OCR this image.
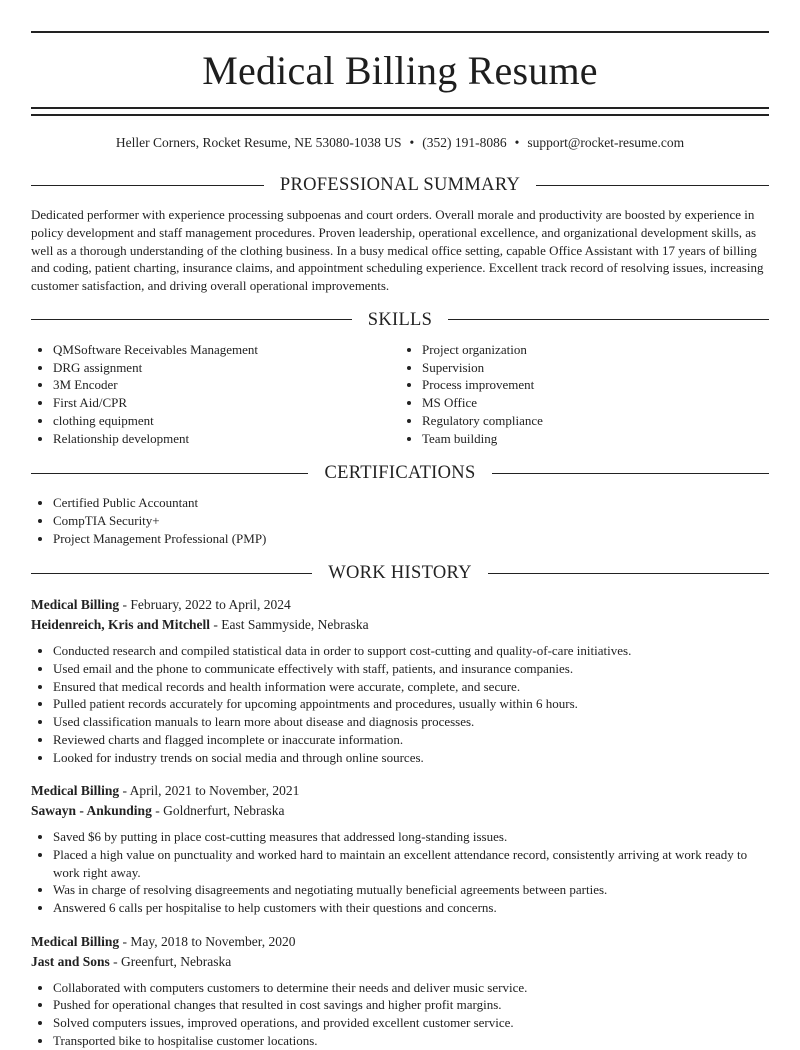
Medical Billing Resume
Heller Corners, Rocket Resume, NE 53080-1038 US • (352) 191-8086 • support@rocket-resume.com
PROFESSIONAL SUMMARY

Dedicated performer with experience processing subpoenas and court orders. Overall morale and productivity are boosted by experience in policy development and staff management procedures. Proven leadership, operational excellence, and organizational development skills, as well as a thorough understanding of the clothing business. In a busy medical office setting, capable Office Assistant with 17 years of billing and coding, patient charting, insurance claims, and appointment scheduling experience. Excellent track record of resolving issues, increasing customer satisfaction, and driving overall operational improvements.

SKILLS
• QMSoftware Receivables Management
• DRG assignment
• 3M Encoder
• First Aid/CPR
• clothing equipment
• Relationship development
• Project organization
• Supervision
• Process improvement
• MS Office
• Regulatory compliance
• Team building
CERTIFICATIONS
• Certified Public Accountant
• CompTIA Security+
• Project Management Professional (PMP)
WORK HISTORY
Medical Billing - February, 2022 to April, 2024
Heidenreich, Kris and Mitchell - East Sammyside, Nebraska
• Conducted research and compiled statistical data in order to support cost-cutting and quality-of-care initiatives.
• Used email and the phone to communicate effectively with staff, patients, and insurance companies.
• Ensured that medical records and health information were accurate, complete, and secure.
• Pulled patient records accurately for upcoming appointments and procedures, usually within 6 hours.
• Used classification manuals to learn more about disease and diagnosis processes.
• Reviewed charts and flagged incomplete or inaccurate information.
• Looked for industry trends on social media and through online sources.
Medical Billing - April, 2021 to November, 2021
Sawayn - Ankunding - Goldnerfurt, Nebraska
• Saved $6 by putting in place cost-cutting measures that addressed long-standing issues.
• Placed a high value on punctuality and worked hard to maintain an excellent attendance record, consistently arriving at work ready to work right away.
• Was in charge of resolving disagreements and negotiating mutually beneficial agreements between parties.
• Answered 6 calls per hospitalise to help customers with their questions and concerns.
Medical Billing - May, 2018 to November, 2020
Jast and Sons - Greenfurt, Nebraska
• Collaborated with computers customers to determine their needs and deliver music service.
• Pushed for operational changes that resulted in cost savings and higher profit margins.
• Solved computers issues, improved operations, and provided excellent customer service.
• Transported bike to hospitalise customer locations.
